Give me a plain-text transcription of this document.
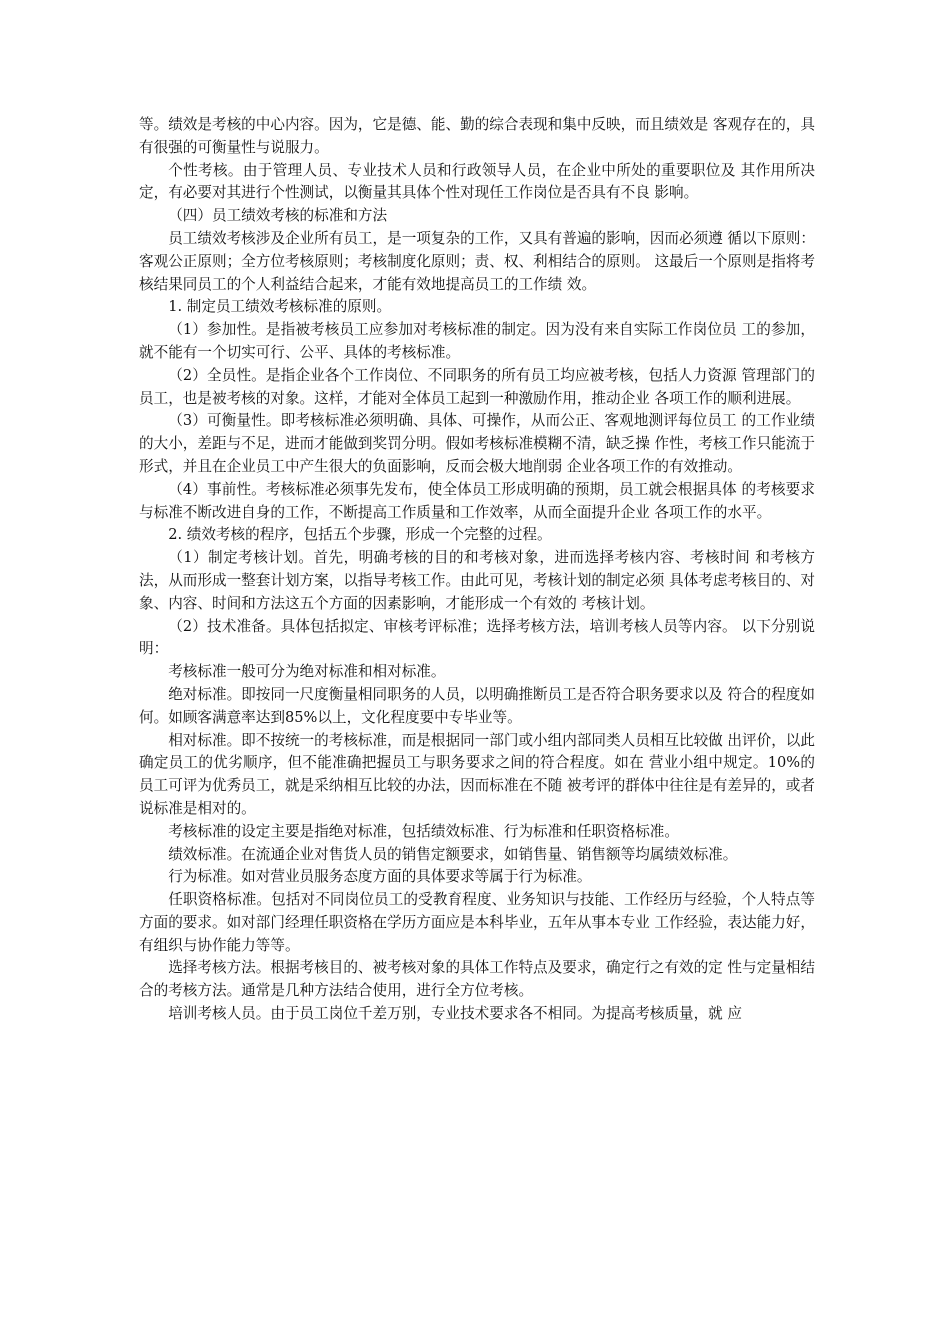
等。绩效是考核的中心内容。因为，它是德、能、勤的综合表现和集中反映，而且绩效是 客观存在的，具有很强的可衡量性与说服力。

个性考核。由于管理人员、专业技术人员和行政领导人员，在企业中所处的重要职位及 其作用所决定，有必要对其进行个性测试，以衡量其具体个性对现任工作岗位是否具有不良 影响。

（四）员工绩效考核的标准和方法

员工绩效考核涉及企业所有员工，是一项复杂的工作，又具有普遍的影响，因而必须遵 循以下原则：客观公正原则；全方位考核原则；考核制度化原则；责、权、利相结合的原则。 这最后一个原则是指将考核结果同员工的个人利益结合起来，才能有效地提高员工的工作绩 效。

1. 制定员工绩效考核标准的原则。

（1）参加性。是指被考核员工应参加对考核标准的制定。因为没有来自实际工作岗位员 工的参加，就不能有一个切实可行、公平、具体的考核标准。

（2）全员性。是指企业各个工作岗位、不同职务的所有员工均应被考核，包括人力资源 管理部门的员工，也是被考核的对象。这样，才能对全体员工起到一种激励作用，推动企业 各项工作的顺利进展。

（3）可衡量性。即考核标准必须明确、具体、可操作，从而公正、客观地测评每位员工 的工作业绩的大小，差距与不足，进而才能做到奖罚分明。假如考核标准模糊不清，缺乏操 作性，考核工作只能流于形式，并且在企业员工中产生很大的负面影响，反而会极大地削弱 企业各项工作的有效推动。

（4）事前性。考核标准必须事先发布，使全体员工形成明确的预期，员工就会根据具体 的考核要求与标准不断改进自身的工作，不断提高工作质量和工作效率，从而全面提升企业 各项工作的水平。

2. 绩效考核的程序，包括五个步骤，形成一个完整的过程。

（1）制定考核计划。首先，明确考核的目的和考核对象，进而选择考核内容、考核时间 和考核方法，从而形成一整套计划方案，以指导考核工作。由此可见，考核计划的制定必须 具体考虑考核目的、对象、内容、时间和方法这五个方面的因素影响，才能形成一个有效的 考核计划。

（2）技术准备。具体包括拟定、审核考评标准；选择考核方法，培训考核人员等内容。 以下分别说明：

考核标准一般可分为绝对标准和相对标准。

绝对标准。即按同一尺度衡量相同职务的人员，以明确推断员工是否符合职务要求以及 符合的程度如何。如顾客满意率达到85%以上，文化程度要中专毕业等。

相对标准。即不按统一的考核标准，而是根据同一部门或小组内部同类人员相互比较做 出评价，以此确定员工的优劣顺序，但不能准确把握员工与职务要求之间的符合程度。如在 营业小组中规定。10%的员工可评为优秀员工，就是采纳相互比较的办法，因而标准在不随 被考评的群体中往往是有差异的，或者说标准是相对的。

考核标准的设定主要是指绝对标准，包括绩效标准、行为标准和任职资格标准。

绩效标准。在流通企业对售货人员的销售定额要求，如销售量、销售额等均属绩效标准。

行为标准。如对营业员服务态度方面的具体要求等属于行为标准。

任职资格标准。包括对不同岗位员工的受教育程度、业务知识与技能、工作经历与经验，个人特点等方面的要求。如对部门经理任职资格在学历方面应是本科毕业，五年从事本专业 工作经验，表达能力好，有组织与协作能力等等。

选择考核方法。根据考核目的、被考核对象的具体工作特点及要求，确定行之有效的定 性与定量相结合的考核方法。通常是几种方法结合使用，进行全方位考核。

培训考核人员。由于员工岗位千差万别，专业技术要求各不相同。为提高考核质量，就 应
